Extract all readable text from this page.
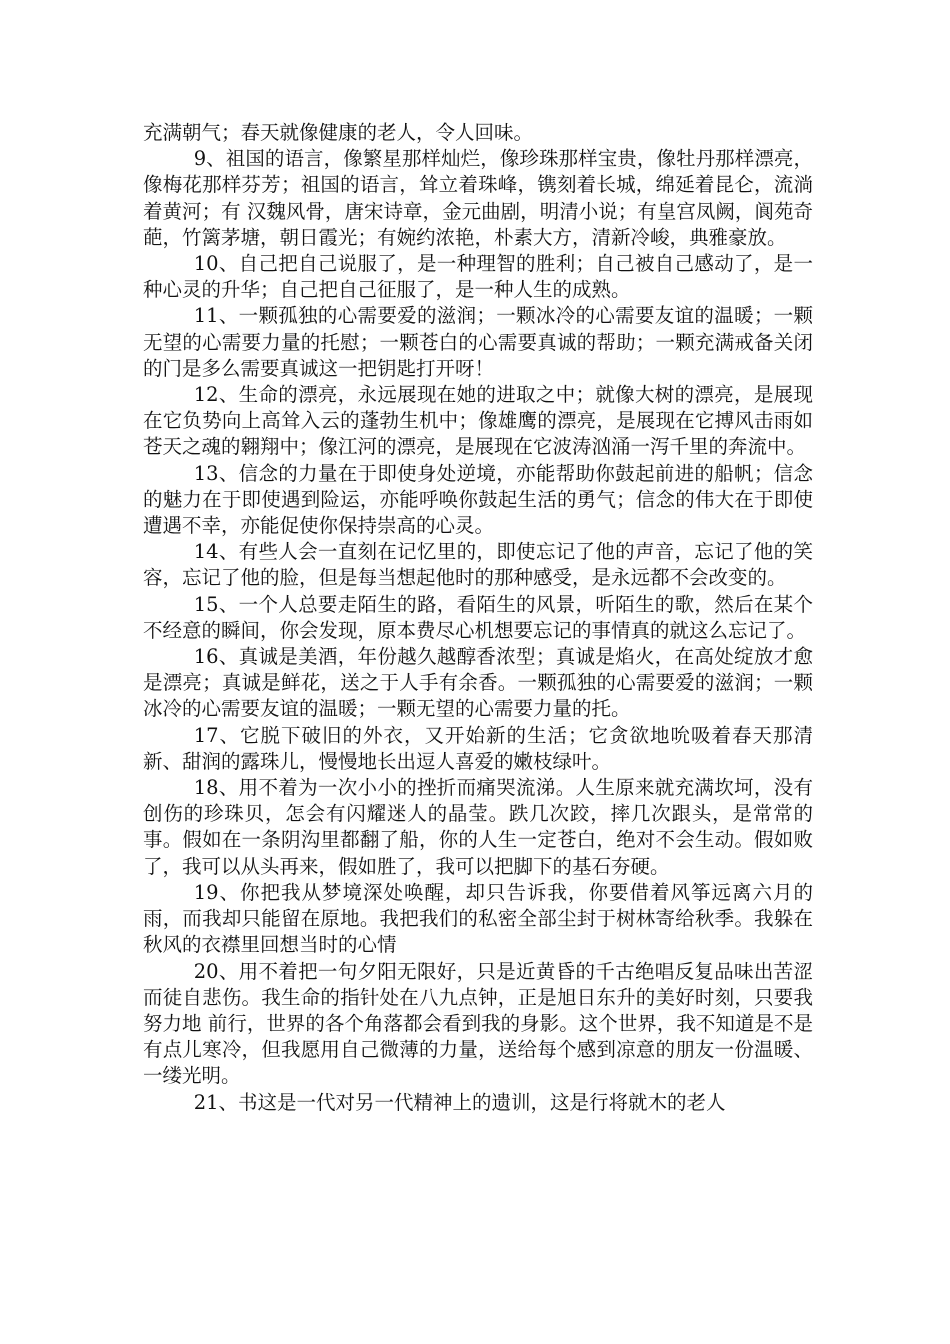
充满朝气；春天就像健康的老人，令人回味。

9、祖国的语言，像繁星那样灿烂，像珍珠那样宝贵，像牡丹那样漂亮，像梅花那样芬芳；祖国的语言，耸立着珠峰，镌刻着长城，绵延着昆仑，流淌着黄河；有 汉魏风骨，唐宋诗章，金元曲剧，明清小说；有皇宫凤阙，阆苑奇葩，竹篱茅塘，朝日霞光；有婉约浓艳，朴素大方，清新冷峻，典雅豪放。

10、自己把自己说服了，是一种理智的胜利；自己被自己感动了，是一种心灵的升华；自己把自己征服了，是一种人生的成熟。

11、一颗孤独的心需要爱的滋润；一颗冰冷的心需要友谊的温暖；一颗无望的心需要力量的托慰；一颗苍白的心需要真诚的帮助；一颗充满戒备关闭的门是多么需要真诚这一把钥匙打开呀！

12、生命的漂亮，永远展现在她的进取之中；就像大树的漂亮，是展现在它负势向上高耸入云的蓬勃生机中；像雄鹰的漂亮，是展现在它搏风击雨如苍天之魂的翱翔中；像江河的漂亮，是展现在它波涛汹涌一泻千里的奔流中。

13、信念的力量在于即使身处逆境，亦能帮助你鼓起前进的船帆；信念的魅力在于即使遇到险运，亦能呼唤你鼓起生活的勇气；信念的伟大在于即使遭遇不幸，亦能促使你保持崇高的心灵。

14、有些人会一直刻在记忆里的，即使忘记了他的声音，忘记了他的笑容，忘记了他的脸，但是每当想起他时的那种感受，是永远都不会改变的。

15、一个人总要走陌生的路，看陌生的风景，听陌生的歌，然后在某个不经意的瞬间，你会发现，原本费尽心机想要忘记的事情真的就这么忘记了。

16、真诚是美酒，年份越久越醇香浓型；真诚是焰火，在高处绽放才愈是漂亮；真诚是鲜花，送之于人手有余香。一颗孤独的心需要爱的滋润；一颗冰冷的心需要友谊的温暖；一颗无望的心需要力量的托。

17、它脱下破旧的外衣，又开始新的生活；它贪欲地吮吸着春天那清新、甜润的露珠儿，慢慢地长出逗人喜爱的嫩枝绿叶。

18、用不着为一次小小的挫折而痛哭流涕。人生原来就充满坎坷，没有创伤的珍珠贝，怎会有闪耀迷人的晶莹。跌几次跤，摔几次跟头，是常常的事。假如在一条阴沟里都翻了船，你的人生一定苍白，绝对不会生动。假如败了，我可以从头再来，假如胜了，我可以把脚下的基石夯硬。

19、你把我从梦境深处唤醒，却只告诉我，你要借着风筝远离六月的雨，而我却只能留在原地。我把我们的私密全部尘封于树林寄给秋季。我躲在秋风的衣襟里回想当时的心情

20、用不着把一句夕阳无限好，只是近黄昏的千古绝唱反复品味出苦涩而徒自悲伤。我生命的指针处在八九点钟，正是旭日东升的美好时刻，只要我努力地 前行，世界的各个角落都会看到我的身影。这个世界，我不知道是不是有点儿寒冷，但我愿用自己微薄的力量，送给每个感到凉意的朋友一份温暖、一缕光明。

21、书这是一代对另一代精神上的遗训，这是行将就木的老人
